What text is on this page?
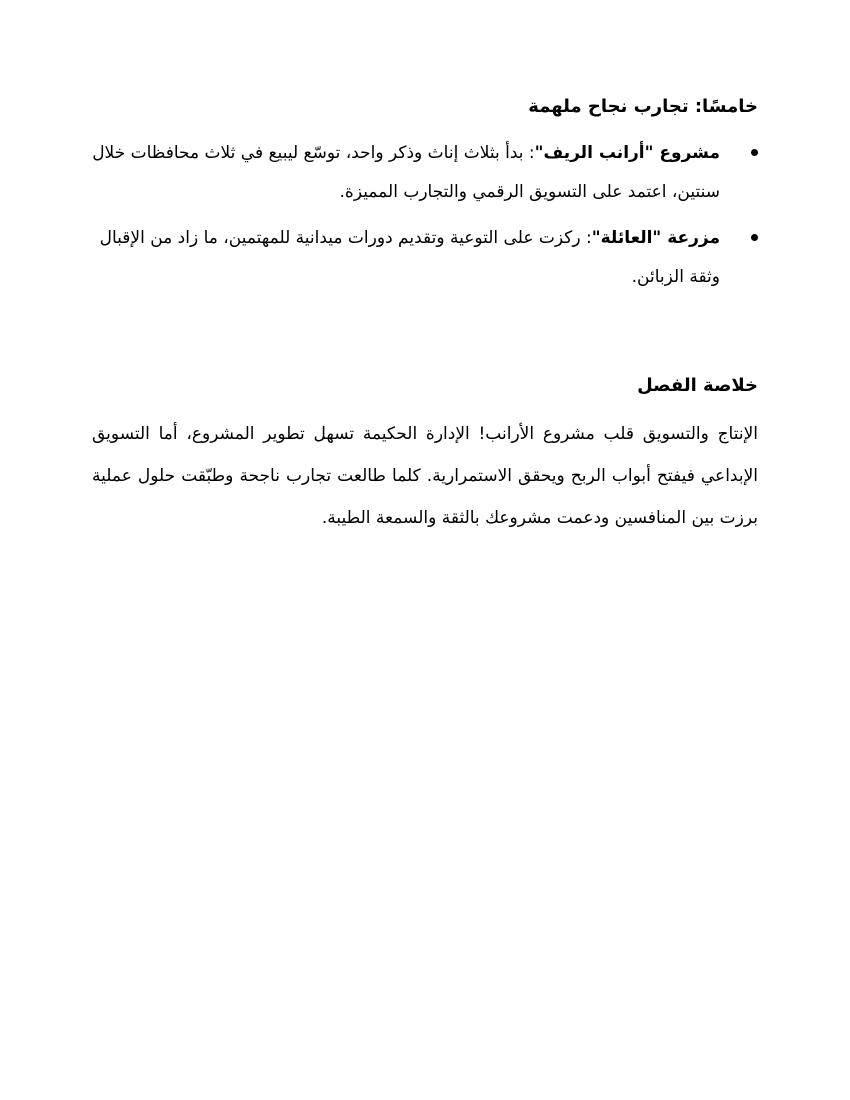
خامسًا: تجارب نجاح ملهمة
مشروع "أرانب الريف": بدأ بثلاث إناث وذكر واحد، توسّع ليبيع في ثلاث محافظات خلال سنتين، اعتمد على التسويق الرقمي والتجارب المميزة.
مزرعة "العائلة": ركزت على التوعية وتقديم دورات ميدانية للمهتمين، ما زاد من الإقبال وثقة الزبائن.
خلاصة الفصل

الإنتاج والتسويق قلب مشروع الأرانب! الإدارة الحكيمة تسهل تطوير المشروع، أما التسويق الإبداعي فيفتح أبواب الربح ويحقق الاستمرارية. كلما طالعت تجارب ناجحة وطبّقت حلول عملية برزت بين المنافسين ودعمت مشروعك بالثقة والسمعة الطيبة.
